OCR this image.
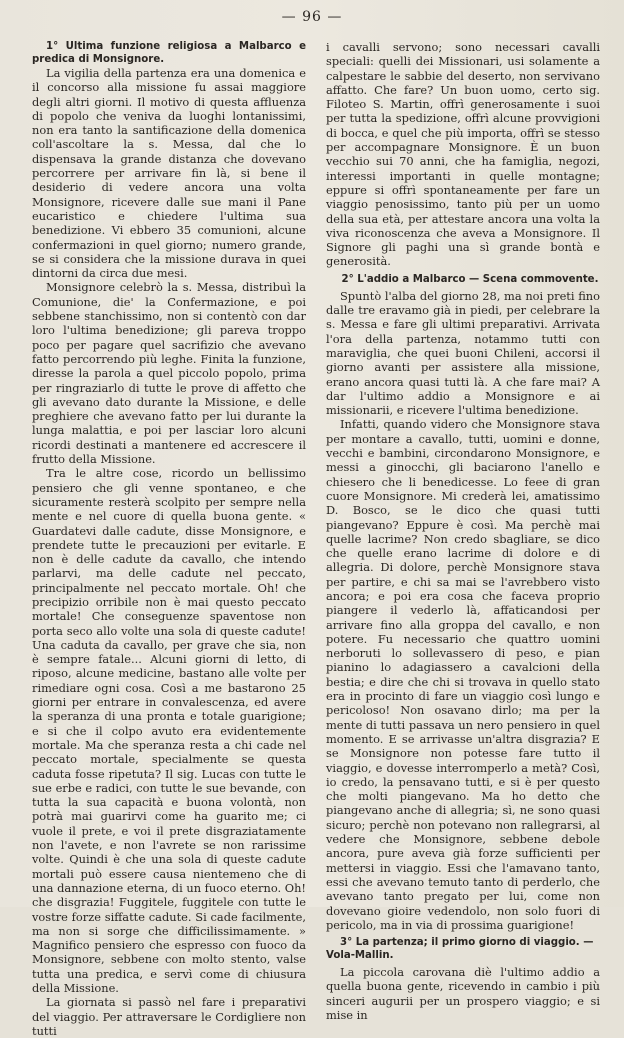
— 96 —

1° Ultima funzione religiosa a Malbarco e predica di Monsignore.

La vigilia della partenza era una domenica e il concorso alla missione fu assai maggiore degli altri giorni. Il motivo di questa affluenza di popolo che veniva da luoghi lontanissimi, non era tanto la santificazione della domenica coll'ascoltare la s. Messa, dal che lo dispensava la grande distanza che dovevano percorrere per arrivare fin là, si bene il desiderio di vedere ancora una volta Monsignore, ricevere dalle sue mani il Pane eucaristico e chiedere l'ultima sua benedizione. Vi ebbero 35 comunioni, alcune confermazioni in quel giorno; numero grande, se si considera che la missione durava in quei dintorni da circa due mesi.

Monsignore celebrò la s. Messa, distribuì la Comunione, die' la Confermazione, e poi sebbene stanchissimo, non si contentò con dar loro l'ultima benedizione; gli pareva troppo poco per pagare quel sacrifizio che avevano fatto percorrendo più leghe. Finita la funzione, diresse la parola a quel piccolo popolo, prima per ringraziarlo di tutte le prove di affetto che gli avevano dato durante la Missione, e delle preghiere che avevano fatto per lui durante la lunga malattia, e poi per lasciar loro alcuni ricordi destinati a mantenere ed accrescere il frutto della Missione.

Tra le altre cose, ricordo un bellissimo pensiero che gli venne spontaneo, e che sicuramente resterà scolpito per sempre nella mente e nel cuore di quella buona gente. « Guardatevi dalle cadute, disse Monsignore, e prendete tutte le precauzioni per evitarle. E non è delle cadute da cavallo, che intendo parlarvi, ma delle cadute nel peccato, principalmente nel peccato mortale. Oh! che precipizio orribile non è mai questo peccato mortale! Che conseguenze spaventose non porta seco allo volte una sola di queste cadute! Una caduta da cavallo, per grave che sia, non è sempre fatale... Alcuni giorni di letto, di riposo, alcune medicine, bastano alle volte per rimediare ogni cosa. Così a me bastarono 25 giorni per entrare in convalescenza, ed avere la speranza di una pronta e totale guarigione; e si che il colpo avuto era evidentemente mortale. Ma che speranza resta a chi cade nel peccato mortale, specialmente se questa caduta fosse ripetuta? Il sig. Lucas con tutte le sue erbe e radici, con tutte le sue bevande, con tutta la sua capacità e buona volontà, non potrà mai guarirvi come ha guarito me; ci vuole il prete, e voi il prete disgraziatamente non l'avete, e non l'avrete se non rarissime volte. Quindi è che una sola di queste cadute mortali può essere causa nientemeno che di una dannazione eterna, di un fuoco eterno. Oh! che disgrazia! Fuggitele, fuggitele con tutte le vostre forze siffatte cadute. Si cade facilmente, ma non si sorge che difficilissimamente. » Magnifico pensiero che espresso con fuoco da Monsignore, sebbene con molto stento, valse tutta una predica, e servì come di chiusura della Missione.

La giornata si passò nel fare i preparativi del viaggio. Per attraversare le Cordigliere non tutti

i cavalli servono; sono necessari cavalli speciali: quelli dei Missionari, usi solamente a calpestare le sabbie del deserto, non servivano affatto. Che fare? Un buon uomo, certo sig. Filoteo S. Martin, offrì generosamente i suoi per tutta la spedizione, offrì alcune provvigioni di bocca, e quel che più importa, offrì se stesso per accompagnare Monsignore. È un buon vecchio sui 70 anni, che ha famiglia, negozi, interessi importanti in quelle montagne; eppure si offrì spontaneamente per fare un viaggio penosissimo, tanto più per un uomo della sua età, per attestare ancora una volta la viva riconoscenza che aveva a Monsignore. Il Signore gli paghi una sì grande bontà e generosità.

2° L'addio a Malbarco — Scena commovente.

Spuntò l'alba del giorno 28, ma noi preti fino dalle tre eravamo già in piedi, per celebrare la s. Messa e fare gli ultimi preparativi. Arrivata l'ora della partenza, notammo tutti con maraviglia, che quei buoni Chileni, accorsi il giorno avanti per assistere alla missione, erano ancora quasi tutti là. A che fare mai? A dar l'ultimo addio a Monsignore e ai missionarii, e ricevere l'ultima benedizione.

Infatti, quando videro che Monsignore stava per montare a cavallo, tutti, uomini e donne, vecchi e bambini, circondarono Monsignore, e messi a ginocchi, gli baciarono l'anello e chiesero che li benedicesse. Lo feee di gran cuore Monsignore. Mi crederà lei, amatissimo D. Bosco, se le dico che quasi tutti piangevano? Eppure è così. Ma perchè mai quelle lacrime? Non credo sbagliare, se dico che quelle erano lacrime di dolore e di allegria. Di dolore, perchè Monsignore stava per partire, e chi sa mai se l'avrebbero visto ancora; e poi era cosa che faceva proprio piangere il vederlo là, affaticandosi per arrivare fino alla groppa del cavallo, e non potere. Fu necessario che quattro uomini nerboruti lo sollevassero di peso, e pian pianino lo adagiassero a cavalcioni della bestia; e dire che chi si trovava in quello stato era in procinto di fare un viaggio così lungo e pericoloso! Non osavano dirlo; ma per la mente di tutti passava un nero pensiero in quel momento. E se arrivasse un'altra disgrazia? E se Monsignore non potesse fare tutto il viaggio, e dovesse interromperlo a metà? Così, io credo, la pensavano tutti, e si è per questo che molti piangevano. Ma ho detto che piangevano anche di allegria; sì, ne sono quasi sicuro; perchè non potevano non rallegrarsi, al vedere che Monsignore, sebbene debole ancora, pure aveva già forze sufficienti per mettersi in viaggio. Essi che l'amavano tanto, essi che avevano temuto tanto di perderlo, che avevano tanto pregato per lui, come non dovevano gioire vedendolo, non solo fuori di pericolo, ma in via di prossima guarigione!

3° La partenza; il primo giorno di viaggio. — Vola-Mallin.

La piccola carovana diè l'ultimo addio a quella buona gente, ricevendo in cambio i più sinceri augurii per un prospero viaggio; e si mise in
